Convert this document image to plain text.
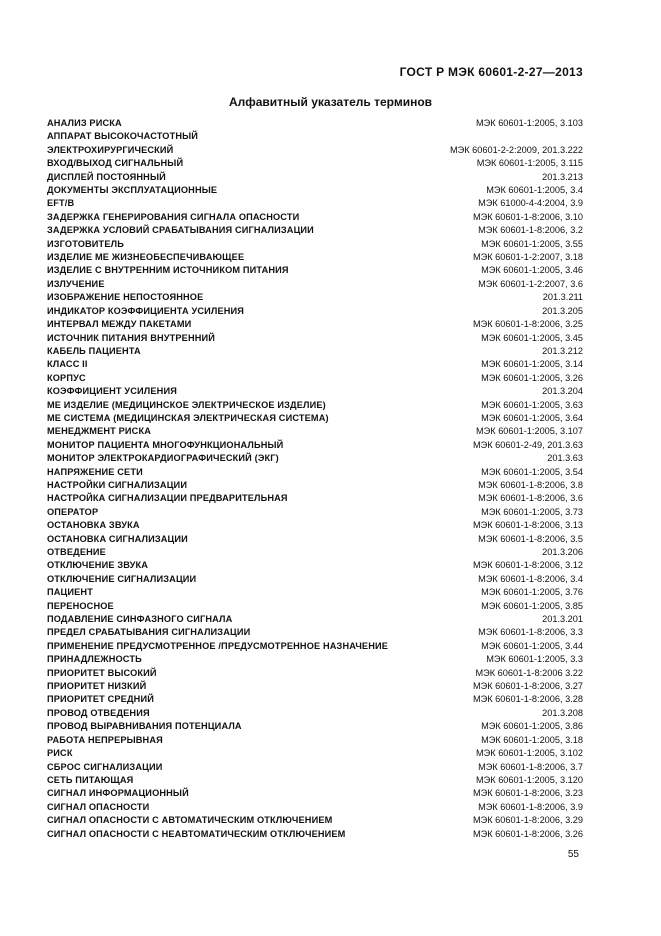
ГОСТ Р МЭК 60601-2-27—2013
Алфавитный указатель терминов
АНАЛИЗ РИСКА	МЭК 60601-1:2005, 3.103
АППАРАТ ВЫСОКОЧАСТОТНЫЙ
ЭЛЕКТРОХИРУРГИЧЕСКИЙ	МЭК 60601-2-2:2009, 201.3.222
ВХОД/ВЫХОД СИГНАЛЬНЫЙ	МЭК 60601-1:2005, 3.115
ДИСПЛЕЙ ПОСТОЯННЫЙ	201.3.213
ДОКУМЕНТЫ ЭКСПЛУАТАЦИОННЫЕ	МЭК 60601-1:2005, 3.4
EFT/B	МЭК 61000-4-4:2004, 3.9
ЗАДЕРЖКА ГЕНЕРИРОВАНИЯ СИГНАЛА ОПАСНОСТИ	МЭК 60601-1-8:2006, 3.10
ЗАДЕРЖКА УСЛОВИЙ СРАБАТЫВАНИЯ СИГНАЛИЗАЦИИ	МЭК 60601-1-8:2006, 3.2
ИЗГОТОВИТЕЛЬ	МЭК 60601-1:2005, 3.55
ИЗДЕЛИЕ МЕ ЖИЗНЕОБЕСПЕЧИВАЮЩЕЕ	МЭК 60601-1-2:2007, 3.18
ИЗДЕЛИЕ С ВНУТРЕННИМ ИСТОЧНИКОМ ПИТАНИЯ	МЭК 60601-1:2005, 3.46
ИЗЛУЧЕНИЕ	МЭК 60601-1-2:2007, 3.6
ИЗОБРАЖЕНИЕ НЕПОСТОЯННОЕ	201.3.211
ИНДИКАТОР КОЭФФИЦИЕНТА УСИЛЕНИЯ	201.3.205
ИНТЕРВАЛ МЕЖДУ ПАКЕТАМИ	МЭК 60601-1-8:2006, 3.25
ИСТОЧНИК ПИТАНИЯ ВНУТРЕННИЙ	МЭК 60601-1:2005, 3.45
КАБЕЛЬ ПАЦИЕНТА	201.3.212
КЛАСС II	МЭК 60601-1:2005, 3.14
КОРПУС	МЭК 60601-1:2005, 3.26
КОЭФФИЦИЕНТ УСИЛЕНИЯ	201.3.204
МЕ ИЗДЕЛИЕ (МЕДИЦИНСКОЕ ЭЛЕКТРИЧЕСКОЕ ИЗДЕЛИЕ)	МЭК 60601-1:2005, 3.63
МЕ СИСТЕМА (МЕДИЦИНСКАЯ ЭЛЕКТРИЧЕСКАЯ СИСТЕМА)	МЭК 60601-1:2005, 3.64
МЕНЕДЖМЕНТ РИСКА	МЭК 60601-1:2005, 3.107
МОНИТОР ПАЦИЕНТА МНОГОФУНКЦИОНАЛЬНЫЙ	МЭК 60601-2-49, 201.3.63
МОНИТОР ЭЛЕКТРОКАРДИОГРАФИЧЕСКИЙ (ЭКГ)	201.3.63
НАПРЯЖЕНИЕ СЕТИ	МЭК 60601-1:2005, 3.54
НАСТРОЙКИ СИГНАЛИЗАЦИИ	МЭК 60601-1-8:2006, 3.8
НАСТРОЙКА СИГНАЛИЗАЦИИ ПРЕДВАРИТЕЛЬНАЯ	МЭК 60601-1-8:2006, 3.6
ОПЕРАТОР	МЭК 60601-1:2005, 3.73
ОСТАНОВКА ЗВУКА	МЭК 60601-1-8:2006, 3.13
ОСТАНОВКА СИГНАЛИЗАЦИИ	МЭК 60601-1-8:2006, 3.5
ОТВЕДЕНИЕ	201.3.206
ОТКЛЮЧЕНИЕ ЗВУКА	МЭК 60601-1-8:2006, 3.12
ОТКЛЮЧЕНИЕ СИГНАЛИЗАЦИИ	МЭК 60601-1-8:2006, 3.4
ПАЦИЕНТ	МЭК 60601-1:2005, 3.76
ПЕРЕНОСНОЕ	МЭК 60601-1:2005, 3.85
ПОДАВЛЕНИЕ СИНФАЗНОГО СИГНАЛА	201.3.201
ПРЕДЕЛ СРАБАТЫВАНИЯ СИГНАЛИЗАЦИИ	МЭК 60601-1-8:2006, 3.3
ПРИМЕНЕНИЕ ПРЕДУСМОТРЕННОЕ /ПРЕДУСМОТРЕННОЕ НАЗНАЧЕНИЕ	МЭК 60601-1:2005, 3.44
ПРИНАДЛЕЖНОСТЬ	МЭК 60601-1:2005, 3.3
ПРИОРИТЕТ ВЫСОКИЙ	МЭК 60601-1-8:2006 3.22
ПРИОРИТЕТ НИЗКИЙ	МЭК 60601-1-8:2006, 3.27
ПРИОРИТЕТ СРЕДНИЙ	МЭК 60601-1-8:2006, 3.28
ПРОВОД ОТВЕДЕНИЯ	201.3.208
ПРОВОД ВЫРАВНИВАНИЯ ПОТЕНЦИАЛА	МЭК 60601-1:2005, 3.86
РАБОТА НЕПРЕРЫВНАЯ	МЭК 60601-1:2005, 3.18
РИСК	МЭК 60601-1:2005, 3.102
СБРОС СИГНАЛИЗАЦИИ	МЭК 60601-1-8:2006, 3.7
СЕТЬ ПИТАЮЩАЯ	МЭК 60601-1:2005, 3.120
СИГНАЛ ИНФОРМАЦИОННЫЙ	МЭК 60601-1-8:2006, 3.23
СИГНАЛ ОПАСНОСТИ	МЭК 60601-1-8:2006, 3.9
СИГНАЛ ОПАСНОСТИ С АВТОМАТИЧЕСКИМ ОТКЛЮЧЕНИЕМ	МЭК 60601-1-8:2006, 3.29
СИГНАЛ ОПАСНОСТИ С НЕАВТОМАТИЧЕСКИМ ОТКЛЮЧЕНИЕМ	МЭК 60601-1-8:2006, 3.26
55
